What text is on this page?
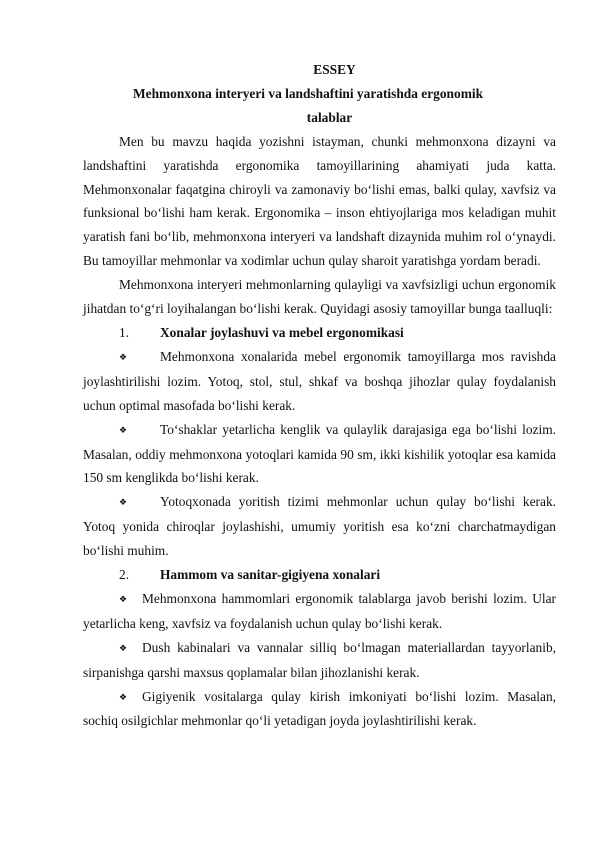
ESSEY

Mehmonxona interyeri va landshaftini yaratishda ergonomik

talablar

Men bu mavzu haqida yozishni istayman, chunki mehmonxona dizayni va landshaftini yaratishda ergonomika tamoyillarining ahamiyati juda katta. Mehmonxonalar faqatgina chiroyli va zamonaviy bo‘lishi emas, balki qulay, xavfsiz va funksional bo‘lishi ham kerak. Ergonomika – inson ehtiyojlariga mos keladigan muhit yaratish fani bo‘lib, mehmonxona interyeri va landshaft dizaynida muhim rol o‘ynaydi. Bu tamoyillar mehmonlar va xodimlar uchun qulay sharoit yaratishga yordam beradi.

Mehmonxona interyeri mehmonlarning qulayligi va xavfsizligi uchun ergonomik jihatdan to‘g‘ri loyihalangan bo‘lishi kerak. Quyidagi asosiy tamoyillar bunga taalluqli:

1.	Xonalar joylashuvi va mebel ergonomikasi

❖ Mehmonxona xonalarida mebel ergonomik tamoyillarga mos ravishda joylashtirilishi lozim. Yotoq, stol, stul, shkaf va boshqa jihozlar qulay foydalanish uchun optimal masofada bo‘lishi kerak.

❖ To‘shaklar yetarlicha kenglik va qulaylik darajasiga ega bo‘lishi lozim. Masalan, oddiy mehmonxona yotoqlari kamida 90 sm, ikki kishilik yotoqlar esa kamida 150 sm kenglikda bo‘lishi kerak.

❖ Yotoqxonada yoritish tizimi mehmonlar uchun qulay bo‘lishi kerak. Yotoq yonida chiroqlar joylashishi, umumiy yoritish esa ko‘zni charchatmaydigan bo‘lishi muhim.

2.	Hammom va sanitar-gigiyena xonalari

❖ Mehmonxona hammomlari ergonomik talablarga javob berishi lozim. Ular yetarlicha keng, xavfsiz va foydalanish uchun qulay bo‘lishi kerak.

❖ Dush kabinalari va vannalar silliq bo‘lmagan materiallardan tayyorlanib, sirpanishga qarshi maxsus qoplamalar bilan jihozlanishi kerak.

❖ Gigiyenik vositalarga qulay kirish imkoniyati bo‘lishi lozim. Masalan, sochiq osilgichlar mehmonlar qo‘li yetadigan joyda joylashtirilishi kerak.
